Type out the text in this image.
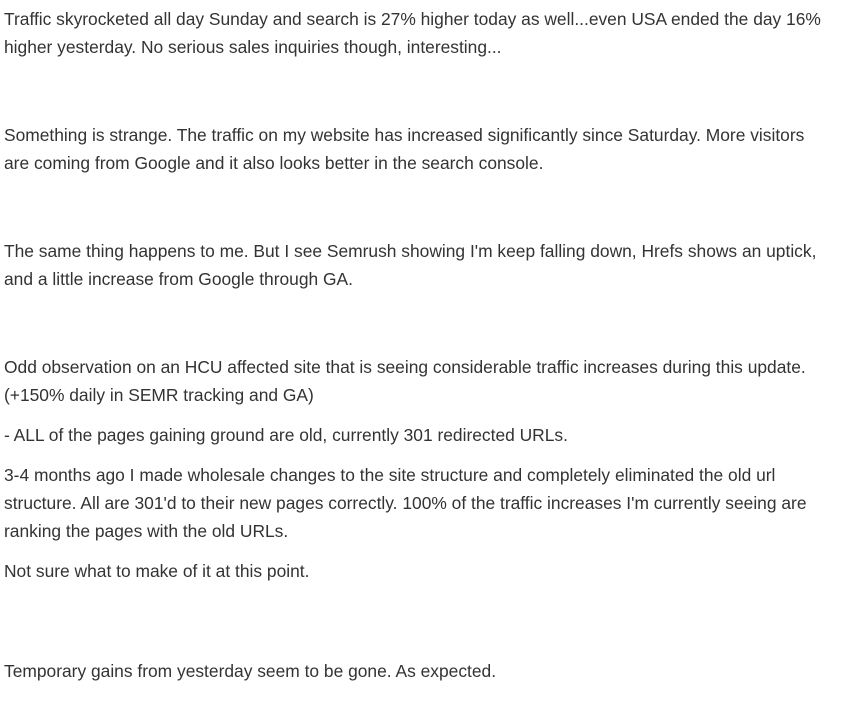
Traffic skyrocketed all day Sunday and search is 27% higher today as well...even USA ended the day 16% higher yesterday. No serious sales inquiries though, interesting...

Something is strange. The traffic on my website has increased significantly since Saturday. More visitors are coming from Google and it also looks better in the search console.

The same thing happens to me. But I see Semrush showing I'm keep falling down, Hrefs shows an uptick, and a little increase from Google through GA.

Odd observation on an HCU affected site that is seeing considerable traffic increases during this update. (+150% daily in SEMR tracking and GA)

- ALL of the pages gaining ground are old, currently 301 redirected URLs.

3-4 months ago I made wholesale changes to the site structure and completely eliminated the old url structure. All are 301'd to their new pages correctly. 100% of the traffic increases I'm currently seeing are ranking the pages with the old URLs.

Not sure what to make of it at this point.

Temporary gains from yesterday seem to be gone. As expected.
